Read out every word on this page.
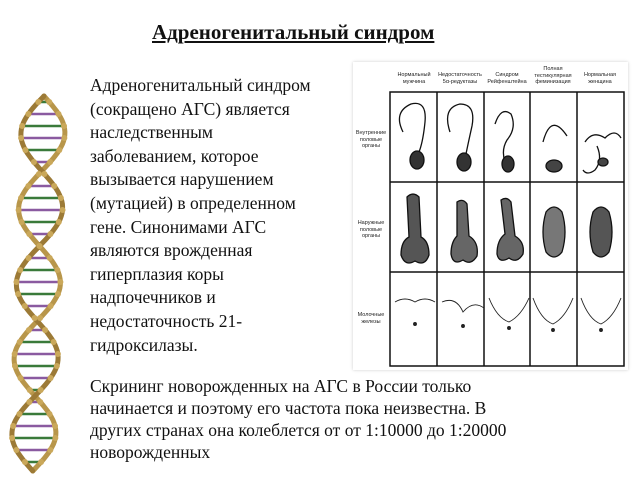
Адреногенитальный синдром
Адреногенитальный синдром
(сокращено АГС) является
наследственным
заболеванием, которое
вызывается нарушением
(мутацией) в определенном
гене. Синонимами АГС
являются врожденная
гиперплазия коры
надпочечников и
недостаточность 21-
гидроксилазы.
Нормальный мужчина
Недостаточность 5α-редуктазы
Синдром Рейфенштейна
Полная тестикулярная феминизация
Нормальная женщина
Внутренние половые органы
Наружные половые органы
Молочные железы
Скрининг новорожденных на АГС в России только
начинается и поэтому его частота пока неизвестна. В
других странах она колеблется от от 1:10000 до 1:20000
новорожденных
